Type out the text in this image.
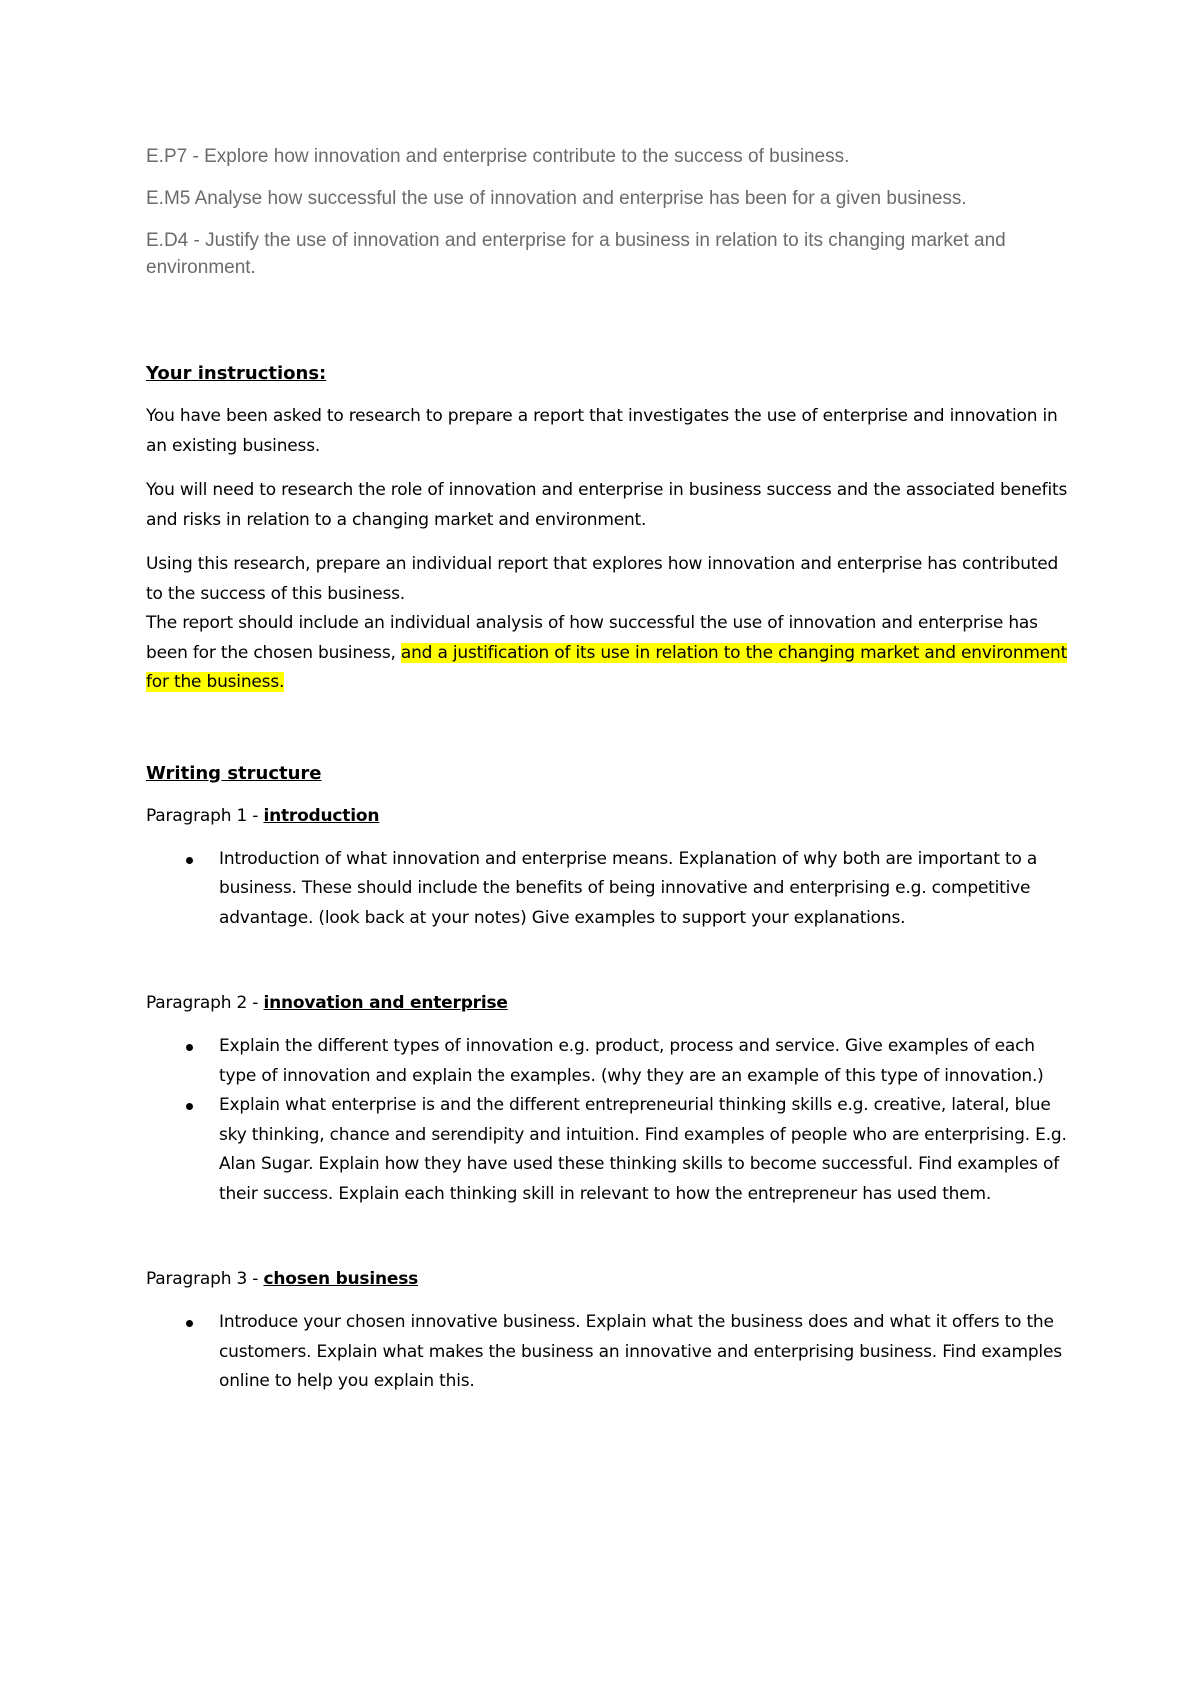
E.P7 - Explore how innovation and enterprise contribute to the success of business.

E.M5 Analyse how successful the use of innovation and enterprise has been for a given business.

E.D4 - Justify the use of innovation and enterprise for a business in relation to its changing market and environment.

Your instructions:

You have been asked to research to prepare a report that investigates the use of enterprise and innovation in an existing business.

You will need to research the role of innovation and enterprise in business success and the associated benefits and risks in relation to a changing market and environment.

Using this research, prepare an individual report that explores how innovation and enterprise has contributed to the success of this business.

The report should include an individual analysis of how successful the use of innovation and enterprise has been for the chosen business, and a justification of its use in relation to the changing market and environment for the business.

Writing structure

Paragraph 1 - introduction

Introduction of what innovation and enterprise means. Explanation of why both are important to a business. These should include the benefits of being innovative and enterprising e.g. competitive advantage. (look back at your notes) Give examples to support your explanations.

Paragraph 2 - innovation and enterprise

Explain the different types of innovation e.g. product, process and service. Give examples of each type of innovation and explain the examples. (why they are an example of this type of innovation.)
Explain what enterprise is and the different entrepreneurial thinking skills e.g. creative, lateral, blue sky thinking, chance and serendipity and intuition. Find examples of people who are enterprising. E.g. Alan Sugar. Explain how they have used these thinking skills to become successful. Find examples of their success. Explain each thinking skill in relevant to how the entrepreneur has used them.

Paragraph 3 - chosen business

Introduce your chosen innovative business. Explain what the business does and what it offers to the customers. Explain what makes the business an innovative and enterprising business. Find examples online to help you explain this.
